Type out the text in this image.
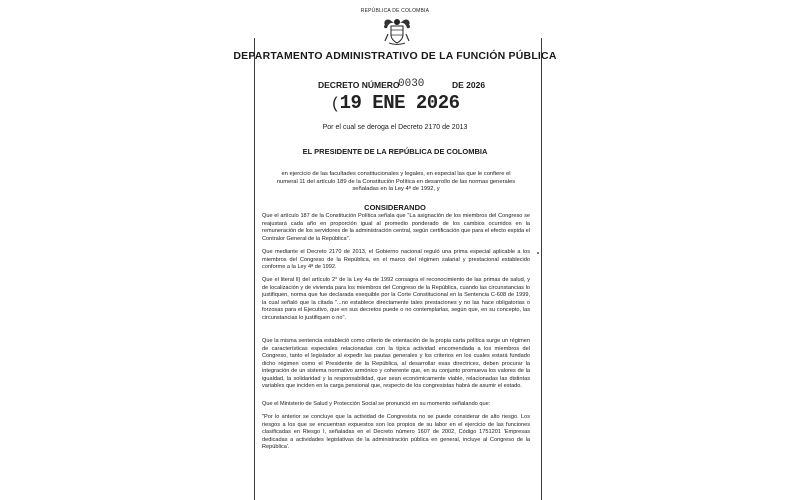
REPÚBLICA DE COLOMBIA
DEPARTAMENTO ADMINISTRATIVO DE LA FUNCIÓN PÚBLICA
DECRETO NÚMERO
0030	DE 2026
(19 ENE 2026
Por el cual se deroga el Decreto 2170 de 2013
EL PRESIDENTE DE LA REPÚBLICA DE COLOMBIA
en ejercicio de las facultades constitucionales y legales, en especial las que le confiere el numeral 11 del artículo 189 de la Constitución Política en desarrollo de las normas generales señaladas en la Ley 4ª de 1992, y
CONSIDERANDO
Que el artículo 187 de la Constitución Política señala que "La asignación de los miembros del Congreso se reajustará cada año en proporción igual al promedio ponderado de los cambios ocurridos en la remuneración de los servidores de la administración central, según certificación que para el efecto expida el Contralor General de la República".
Que mediante el Decreto 2170 de 2013, el Gobierno nacional reguló una prima especial aplicable a los miembros del Congreso de la República, en el marco del régimen salarial y prestacional establecido conforme a la Ley 4ª de 1992.
Que el literal ll) del artículo 2° de la Ley 4a de 1992 consagra el reconocimiento de las primas de salud, y de localización y de vivienda para los miembros del Congreso de la República, cuando las circunstancias lo justifiquen, norma que fue declarada exequible por la Corte Constitucional en la Sentencia C-608 de 1999, la cual señaló que la citada "...no establece directamente tales prestaciones y no las hace obligatorias o forzosas para el Ejecutivo, que en sus decretos puede o no contemplarlas, según que, en su concepto, las circunstancias lo justifiquen o no".
Que la misma sentencia estableció como criterio de orientación de la propia carta política surge un régimen de características especiales relacionadas con la típica actividad encomendada a los miembros del Congreso, tanto el legislador al expedir las pautas generales y los criterios en los cuales estará fundado dicho régimen como el Presidente de la República, al desarrollar esas directrices, deben procurar la integración de un sistema normativo armónico y coherente que, en su conjunto promueva los valores de la igualdad, la solidaridad y la responsabilidad, que sean económicamente viable, relacionadas las distintas variables que inciden en la carga pensional que, respecto de los congresistas habrá de asumir el estado.
Que el Ministerio de Salud y Protección Social se pronunció en su momento señalando que:
"Por lo anterior se concluye que la actividad de Congresista no se puede considerar de alto riesgo. Los riesgos a los que se encuentran expuestos son los propios de su labor en el ejercicio de las funciones clasificadas en Riesgo I, señaladas en el Decreto número 1607 de 2002, Código 1751201 'Empresas dedicadas a actividades legislativas de la administración pública en general, incluye al Congreso de la República'.
